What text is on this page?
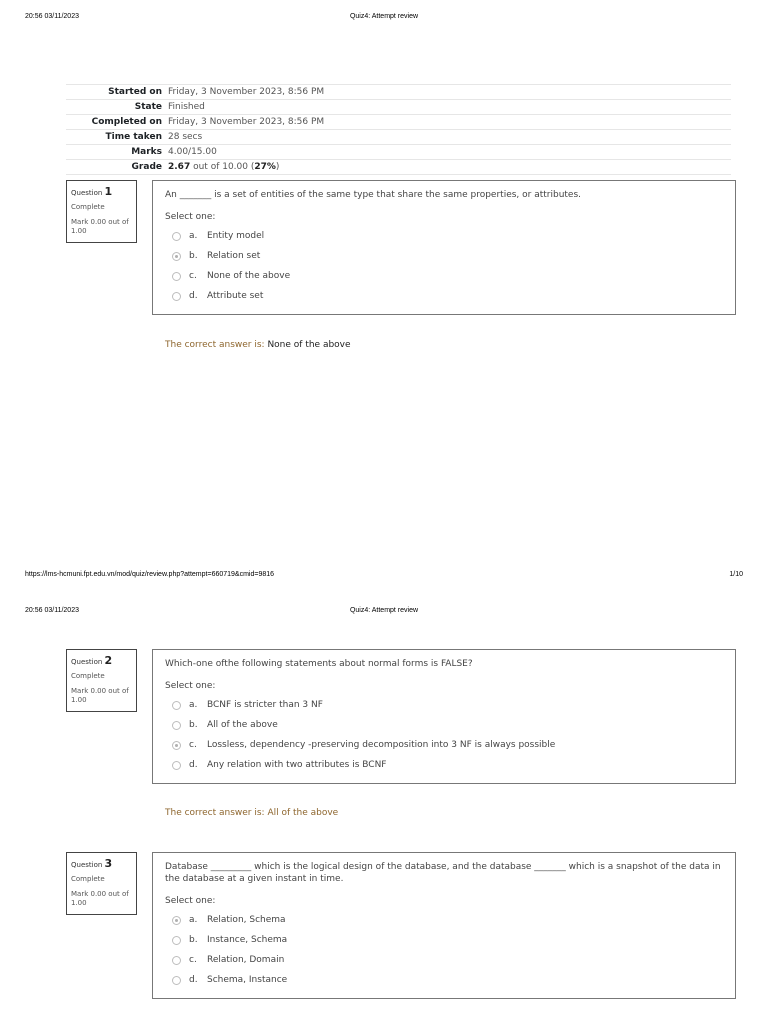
20:56 03/11/2023	Quiz4: Attempt review
Started on	Friday, 3 November 2023, 8:56 PM
State	Finished
Completed on	Friday, 3 November 2023, 8:56 PM
Time taken	28 secs
Marks	4.00/15.00
Grade	2.67 out of 10.00 (27%)
Question 1
Complete
Mark 0.00 out of 1.00
An _______ is a set of entities of the same type that share the same properties, or attributes.
Select one:
a.	Entity model
b.	Relation set
c.	None of the above
d.	Attribute set
The correct answer is: None of the above
https://lms-hcmuni.fpt.edu.vn/mod/quiz/review.php?attempt=660719&cmid=9816	1/10
20:56 03/11/2023	Quiz4: Attempt review
Question 2
Complete
Mark 0.00 out of 1.00
Which-one ofthe following statements about normal forms is FALSE?
Select one:
a.	BCNF is stricter than 3 NF
b.	All of the above
c.	Lossless, dependency -preserving decomposition into 3 NF is always possible
d.	Any relation with two attributes is BCNF
The correct answer is: All of the above
Question 3
Complete
Mark 0.00 out of 1.00
Database _________ which is the logical design of the database, and the database _______ which is a snapshot of the data in the database at a given instant in time.
Select one:
a.	Relation, Schema
b.	Instance, Schema
c.	Relation, Domain
d.	Schema, Instance
